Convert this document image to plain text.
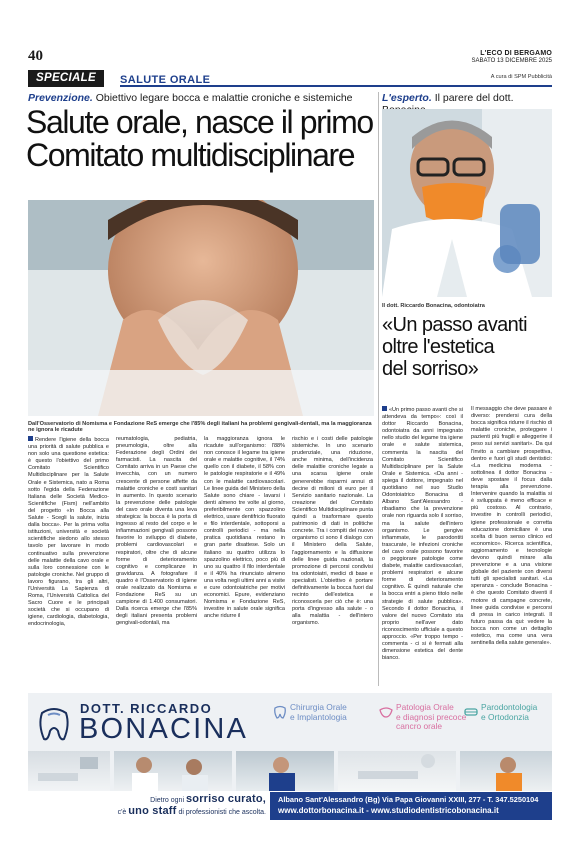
40	L'ECO DI BERGAMO
SABATO 13 DICEMBRE 2025
SPECIALE	SALUTE ORALE	A cura di SPM Pubblicità
Prevenzione. Obiettivo legare bocca e malattie croniche e sistemiche
Salute orale, nasce il primo
Comitato multidisciplinare
Dall'Osservatorio di Nomisma e Fondazione ReS emerge che l'85% degli italiani ha problemi gengivali-dentali, ma la maggioranza ne ignora le ricadute
Rendere l'igiene della bocca una priorità di salute pubblica e non solo una questione estetica: è questo l'obiettivo del primo Comitato Scientifico Multidisciplinare per la Salute Orale e Sistemica, nato a Roma sotto l'egida della Federazione Italiana delle Società Medico-Scientifiche (Fism) nell'ambito del progetto «In Bocca alla Salute - Scegli la salute, inizia dalla bocca». Per la prima volta istituzioni, università e società scientifiche siedono allo stesso tavolo per lavorare in modo continuativo sulla prevenzione delle malattie della cavo orale e sulla loro connessione con le patologie croniche. Nel gruppo di lavoro figurano, tra gli altri, l'Università La Sapienza di Roma, l'Università Cattolica del Sacro Cuore e le principali società che si occupano di igiene, cardiologia, diabetologia, endocrinologia,
reumatologia, pediatria, pneumologia, oltre alla Federazione degli Ordini dei farmacisti. La nascita del Comitato arriva in un Paese che invecchia, con un numero crescente di persone affette da malattie croniche e costi sanitari in aumento. In questo scenario la prevenzione delle patologie del cavo orale diventa una leva strategica: la bocca è la porta di ingresso al resto del corpo e le infiammazioni gengivali possono favorire lo sviluppo di diabete, problemi cardiovascolari e respiratori, oltre che di alcune forme di deterioramento cognitivo e complicanze in gravidanza. A fotografare il quadro è l'Osservatorio di igiene orale realizzato da Nomisma e Fondazione ReS su un campione di 1.400 consumatori. Dalla ricerca emerge che l'85% degli italiani presenta problemi gengivali-odontali, ma
la maggioranza ignora le ricadute sull'organismo: l'88% non conosce il legame tra igiene orale e malattie cognitive, il 74% quello con il diabete, il 58% con le patologie respiratorie e il 49% con le malattie cardiovascolari. Le linee guida del Ministero della Salute sono chiare - lavarsi i denti almeno tre volte al giorno, preferibilmente con spazzolino elettrico, usare dentifricio fluorato e filo interdentale, sottoporsi a controlli periodici - ma nella pratica quotidiana restano in gran parte disattese. Solo un italiano su quattro utilizza lo spazzolino elettrico, poco più di uno su quattro il filo interdentale e il 40% ha rinunciato almeno una volta negli ultimi anni a visite e cure odontoiatriche per motivi economici. Epure, evidenziano Nomisma e Fondazione ReS, investire in salute orale significa anche ridurre il
rischio e i costi delle patologie sistemiche. In uno scenario prudenziale, una riduzione, anche minima, dell'incidenza delle malattie croniche legate a una scarsa igiene orale genererebbe risparmi annui di decine di milioni di euro per il Servizio sanitario nazionale. La creazione del Comitato Scientifico Multidisciplinare punta quindi a trasformare questo patrimonio di dati in politiche concrete. Tra i compiti del nuovo organismo ci sono il dialogo con il Ministero della Salute, l'aggiornamento e la diffusione delle linee guida nazionali, la promozione di percorsi condivisi tra odontoiatri, medici di base e specialisti. L'obiettivo è portare definitivamente la bocca fuori dal recinto dell'estetica e riconoscerla per ciò che è: una porta d'ingresso alla salute - o alla malattia - dell'intero organismo.
L'esperto. Il parere del dott.
Il dott. Riccardo Bonacina, odontoiatra
«Un passo avanti
oltre l'estetica
del sorriso»
«Un primo passo avanti che si attendeva da tempo»: così il dottor Riccardo Bonacina, odontoiatra da anni impegnato nello studio del legame tra igiene orale e salute sistemica, commenta la nascita del Comitato Scientifico Multidisciplinare per la Salute Orale e Sistemica. «Da anni - spiega il dottore, impegnato nel quotidiano nel suo Studio Odontoiatrico Bonacina di Albano Sant'Alessandro - ribadiamo che la prevenzione orale non riguarda solo il sorriso, ma la salute dell'intero organismo. Le gengive infiammate, le parodontiti trascurate, le infezioni croniche del cavo orale possono favorire o peggiorare patologie come diabete, malattie cardiovascolari, problemi respiratori e alcune forme di deterioramento cognitivo. È quindi naturale che la bocca entri a pieno titolo nelle strategie di salute pubblica». Secondo il dottor Bonacina, il valore del nuovo Comitato sta proprio nell'aver dato riconoscimento ufficiale a questo approccio. «Per troppo tempo - commenta - ci si è fermati alla dimensione estetica del dente bianco.
Il messaggio che deve passare è diverso: prendersi cura della bocca significa ridurre il rischio di malattie croniche, proteggere i pazienti più fragili e alleggerire il peso sui servizi sanitari». Da qui l'invito a cambiare prospettiva, dentro e fuori gli studi dentistici: «La medicina moderna - sottolinea il dottor Bonacina - deve spostare il focus dalla terapia alla prevenzione. Intervenire quando la malattia si è sviluppata è meno efficace e più costoso. Al contrario, investire in controlli periodici, igiene professionale e corretta educazione domiciliare è una scelta di buon senso clinico ed economico». Ricerca scientifica, aggiornamento e tecnologie devono quindi mirare alla prevenzione e a una visione globale del paziente con diversi tutti gli specialisti sanitari. «La speranza - conclude Bonacina - è che questo Comitato diventi il motore di campagne concrete, linee guida condivise e percorsi di presa in carico integrati. Il futuro passa da qui: vedere la bocca non come un dettaglio estetico, ma come una vera sentinella della salute generale».
DOTT. RICCARDO
BONACINA
Chirurgia Orale
e Implantologia
Patologia Orale
e diagnosi precoce
cancro orale
Parodontologia
e Ortodonzia
Dietro ogni sorriso curato,
c'è uno staff di professionisti che ascolta.
Albano Sant'Alessandro (Bg) Via Papa Giovanni XXIII, 277 - T. 347.5250104
www.dottorbonacina.it - www.studiodentistricobonacina.it
